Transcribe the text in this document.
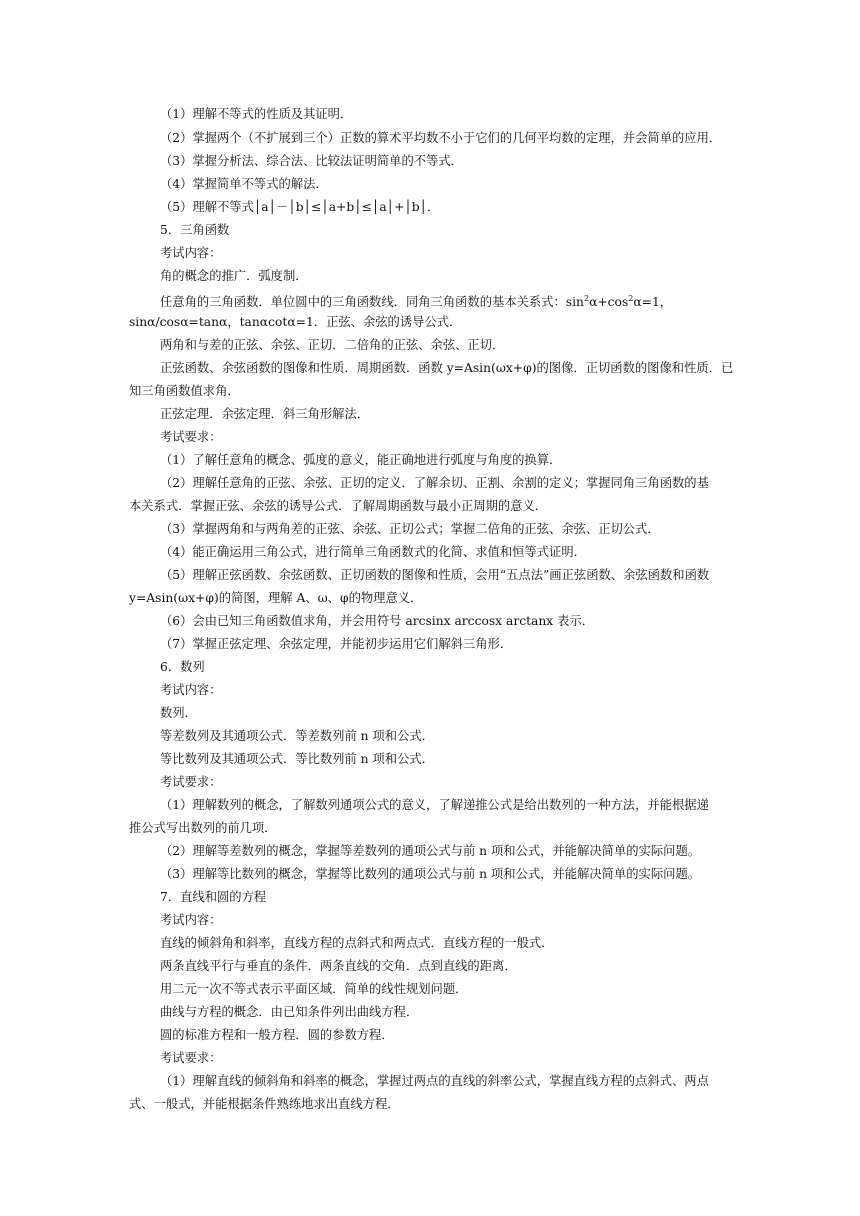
（1）理解不等式的性质及其证明．
（2）掌握两个（不扩展到三个）正数的算术平均数不小于它们的几何平均数的定理，并会简单的应用．
（3）掌握分析法、综合法、比较法证明简单的不等式．
（4）掌握简单不等式的解法．
（5）理解不等式│a│－│b│≤│a+b│≤│a│+│b│．
5．三角函数
考试内容：
角的概念的推广．弧度制．
任意角的三角函数．单位圆中的三角函数线．同角三角函数的基本关系式：$\sin^2\alpha+\cos^2\alpha=1$，
sinα/cosα=tanα，tanαcotα=1．正弦、余弦的诱导公式．
两角和与差的正弦、余弦、正切．二倍角的正弦、余弦、正切．
正弦函数、余弦函数的图像和性质．周期函数．函数 y=Asin(ωx+φ)的图像．正切函数的图像和性质．已
知三角函数值求角．
正弦定理．余弦定理．斜三角形解法．
考试要求：
（1）了解任意角的概念、弧度的意义，能正确地进行弧度与角度的换算．
（2）理解任意角的正弦、余弦、正切的定义．了解余切、正割、余割的定义；掌握同角三角函数的基
本关系式．掌握正弦、余弦的诱导公式．了解周期函数与最小正周期的意义．
（3）掌握两角和与两角差的正弦、余弦、正切公式；掌握二倍角的正弦、余弦、正切公式．
（4）能正确运用三角公式，进行简单三角函数式的化简、求值和恒等式证明．
（5）理解正弦函数、余弦函数、正切函数的图像和性质，会用“五点法”画正弦函数、余弦函数和函数
y=Asin(ωx+φ)的简图，理解 A、ω、φ的物理意义．
（6）会由已知三角函数值求角，并会用符号 arcsinx arccosx arctanx 表示．
（7）掌握正弦定理、余弦定理，并能初步运用它们解斜三角形．
6．数列
考试内容：
数列．
等差数列及其通项公式．等差数列前 n 项和公式．
等比数列及其通项公式．等比数列前 n 项和公式．
考试要求：
（1）理解数列的概念，了解数列通项公式的意义，了解递推公式是给出数列的一种方法，并能根据递
推公式写出数列的前几项．
（2）理解等差数列的概念，掌握等差数列的通项公式与前 n 项和公式，并能解决简单的实际问题。
（3）理解等比数列的概念，掌握等比数列的通项公式与前 n 项和公式，并能解决简单的实际问题。
7．直线和圆的方程
考试内容：
直线的倾斜角和斜率，直线方程的点斜式和两点式．直线方程的一般式．
两条直线平行与垂直的条件．两条直线的交角．点到直线的距离．
用二元一次不等式表示平面区域．简单的线性规划问题．
曲线与方程的概念．由已知条件列出曲线方程．
圆的标准方程和一般方程．圆的参数方程．
考试要求：
（1）理解直线的倾斜角和斜率的概念，掌握过两点的直线的斜率公式，掌握直线方程的点斜式、两点
式、一般式，并能根据条件熟练地求出直线方程．
